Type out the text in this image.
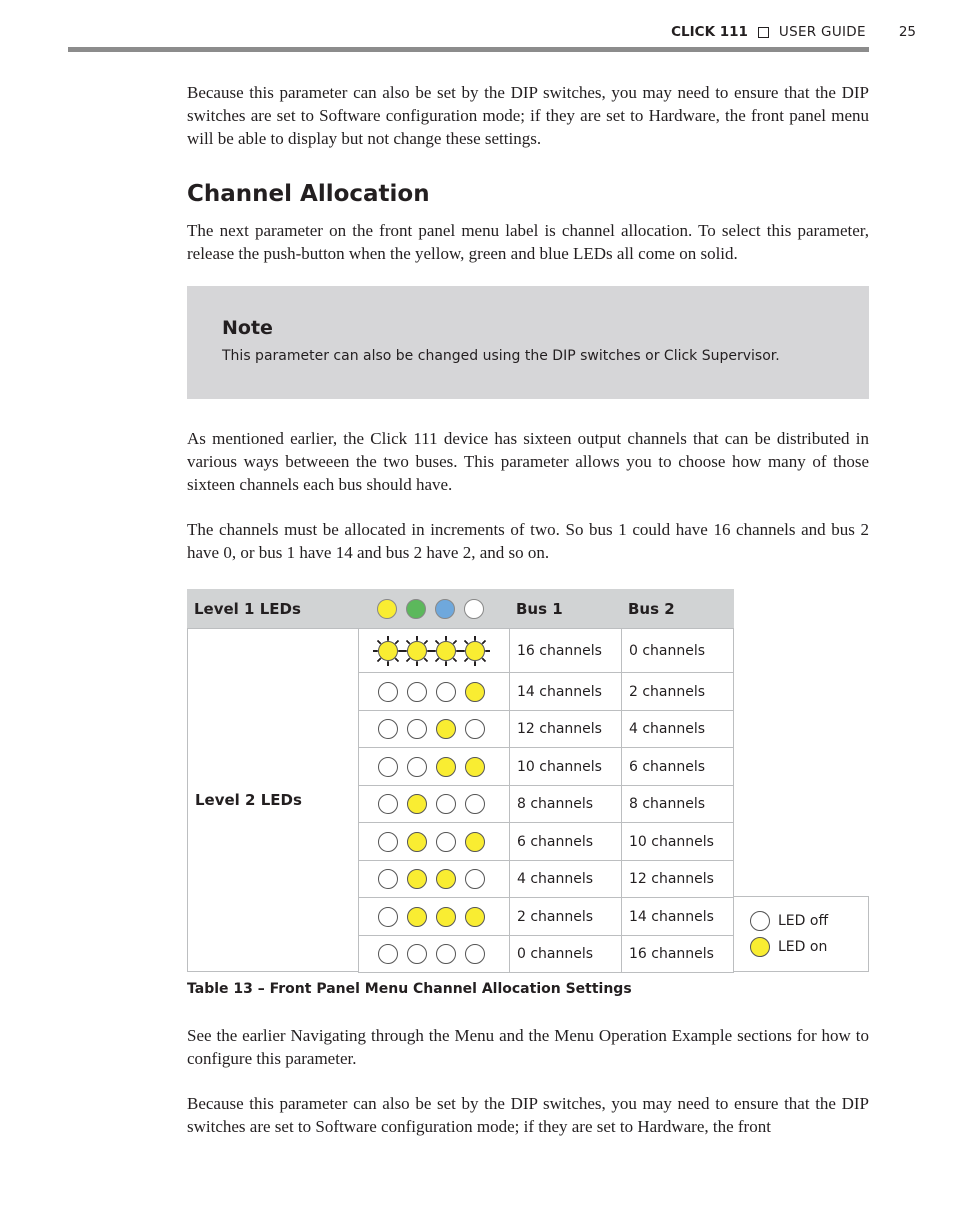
CLICK 111 USER GUIDE 25

Because this parameter can also be set by the DIP switches, you may need to ensure that the DIP switches are set to Software configuration mode; if they are set to Hardware, the front panel menu will be able to display but not change these settings.

Channel Allocation

The next parameter on the front panel menu label is channel allocation. To select this parameter, release the push-button when the yellow, green and blue LEDs all come on solid.

Note
This parameter can also be changed using the DIP switches or Click Supervisor.

As mentioned earlier, the Click 111 device has sixteen output channels that can be distributed in various ways betweeen the two buses. This parameter allows you to choose how many of those sixteen channels each bus should have.

The channels must be allocated in increments of two. So bus 1 could have 16 channels and bus 2 have 0, or bus 1 have 14 and bus 2 have 2, and so on.

Level 1 LEDs	Bus 1	Bus 2
Level 2 LEDs
LED off
LED on
16 channels	0 channels
14 channels	2 channels
12 channels	4 channels
10 channels	6 channels
8 channels	8 channels
6 channels	10 channels
4 channels	12 channels
2 channels	14 channels
0 channels	16 channels
Table 13 – Front Panel Menu Channel Allocation Settings

See the earlier Navigating through the Menu and the Menu Operation Example sections for how to configure this parameter.

Because this parameter can also be set by the DIP switches, you may need to ensure that the DIP switches are set to Software configuration mode; if they are set to Hardware, the front
